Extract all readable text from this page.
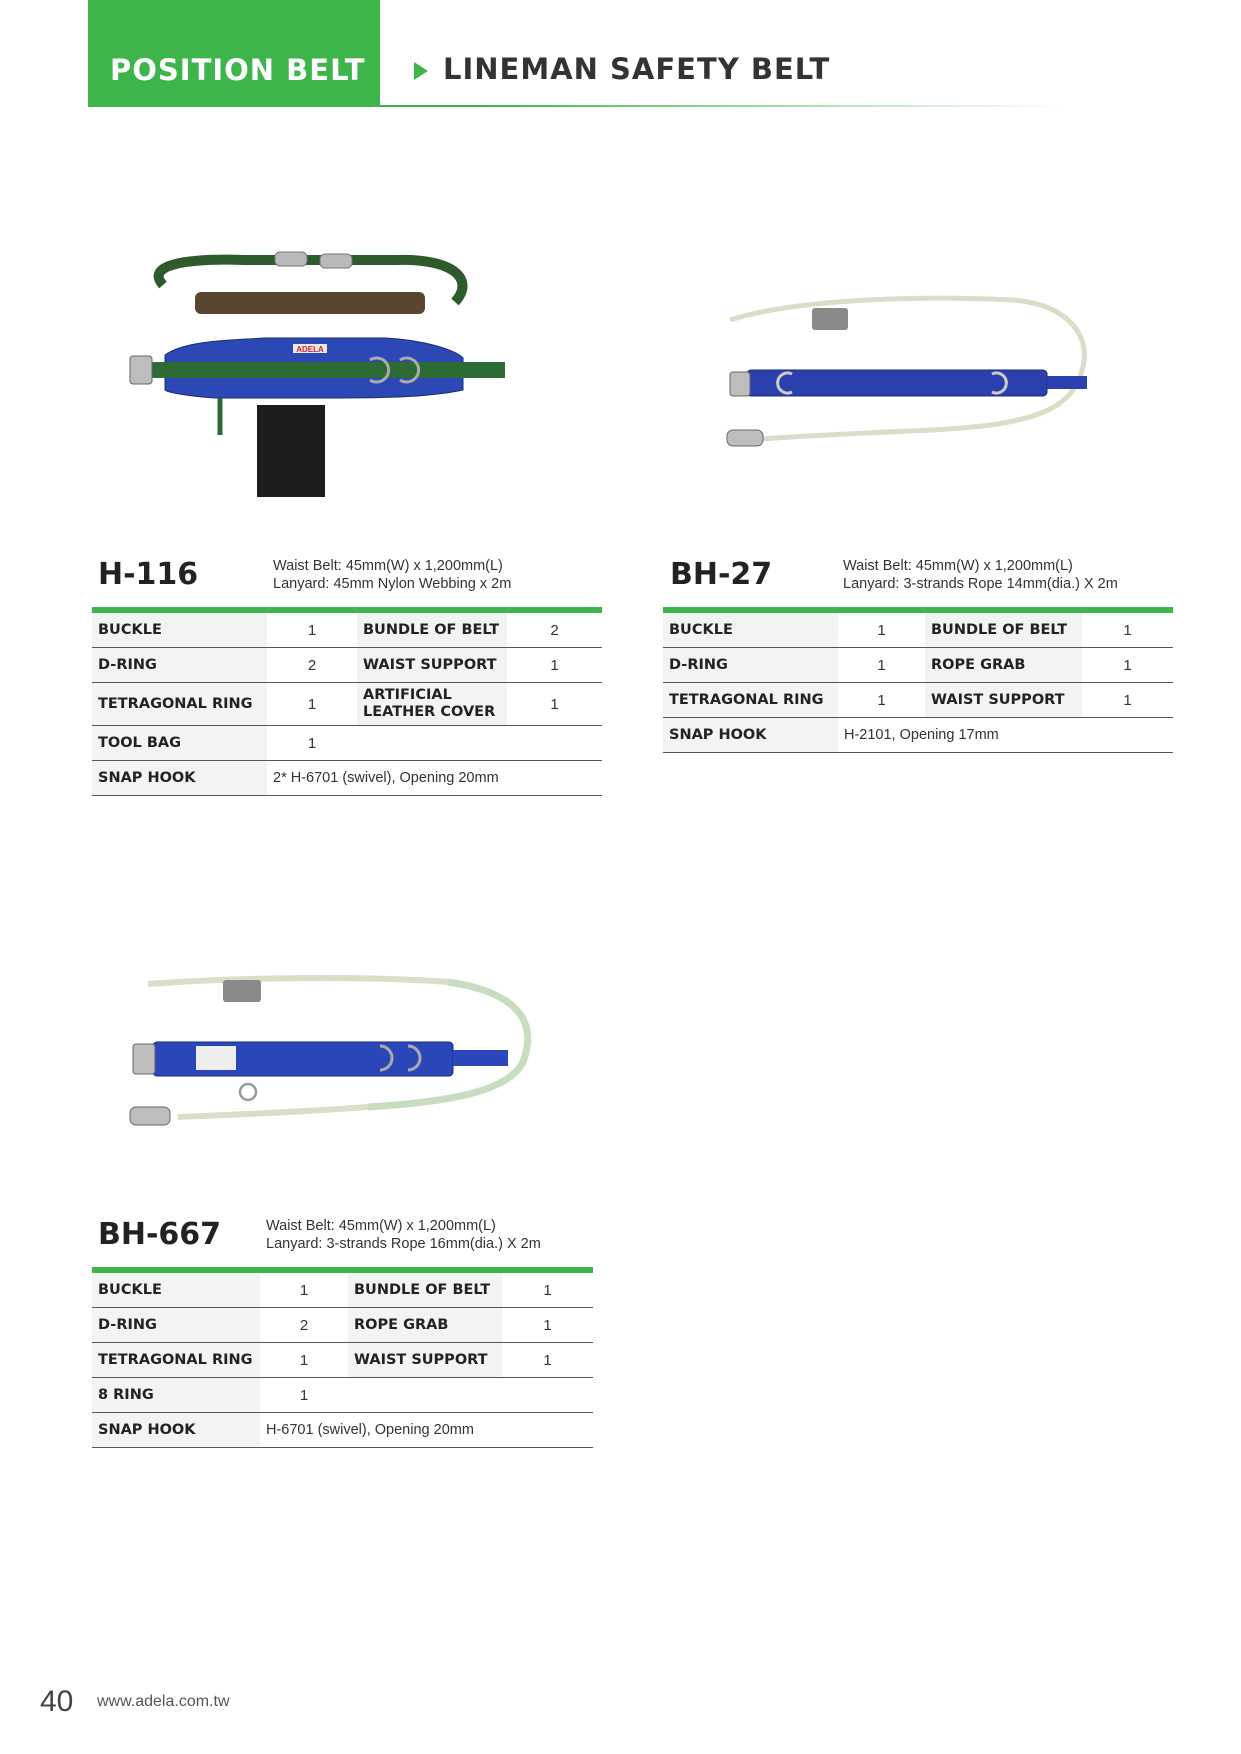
POSITION BELT	LINEMAN SAFETY BELT
ADELA
H-116	Waist Belt: 45mm(W) x 1,200mm(L)
Lanyard: 45mm Nylon Webbing x 2m
BUCKLE	1	BUNDLE OF BELT	2
D-RING	2	WAIST SUPPORT	1
TETRAGONAL RING	1	ARTIFICIAL LEATHER COVER	1
TOOL BAG	1		
SNAP HOOK	2* H-6701 (swivel), Opening 20mm		
BH-27	Waist Belt: 45mm(W) x 1,200mm(L)
Lanyard: 3-strands Rope 14mm(dia.) X 2m
BUCKLE	1	BUNDLE OF BELT	1
D-RING	1	ROPE GRAB	1
TETRAGONAL RING	1	WAIST SUPPORT	1
SNAP HOOK	H-2101, Opening 17mm		
BH-667	Waist Belt: 45mm(W) x 1,200mm(L)
Lanyard: 3-strands Rope 16mm(dia.) X 2m
BUCKLE	1	BUNDLE OF BELT	1
D-RING	2	ROPE GRAB	1
TETRAGONAL RING	1	WAIST SUPPORT	1
8 RING	1		
SNAP HOOK	H-6701 (swivel), Opening 20mm		
40 www.adela.com.tw
